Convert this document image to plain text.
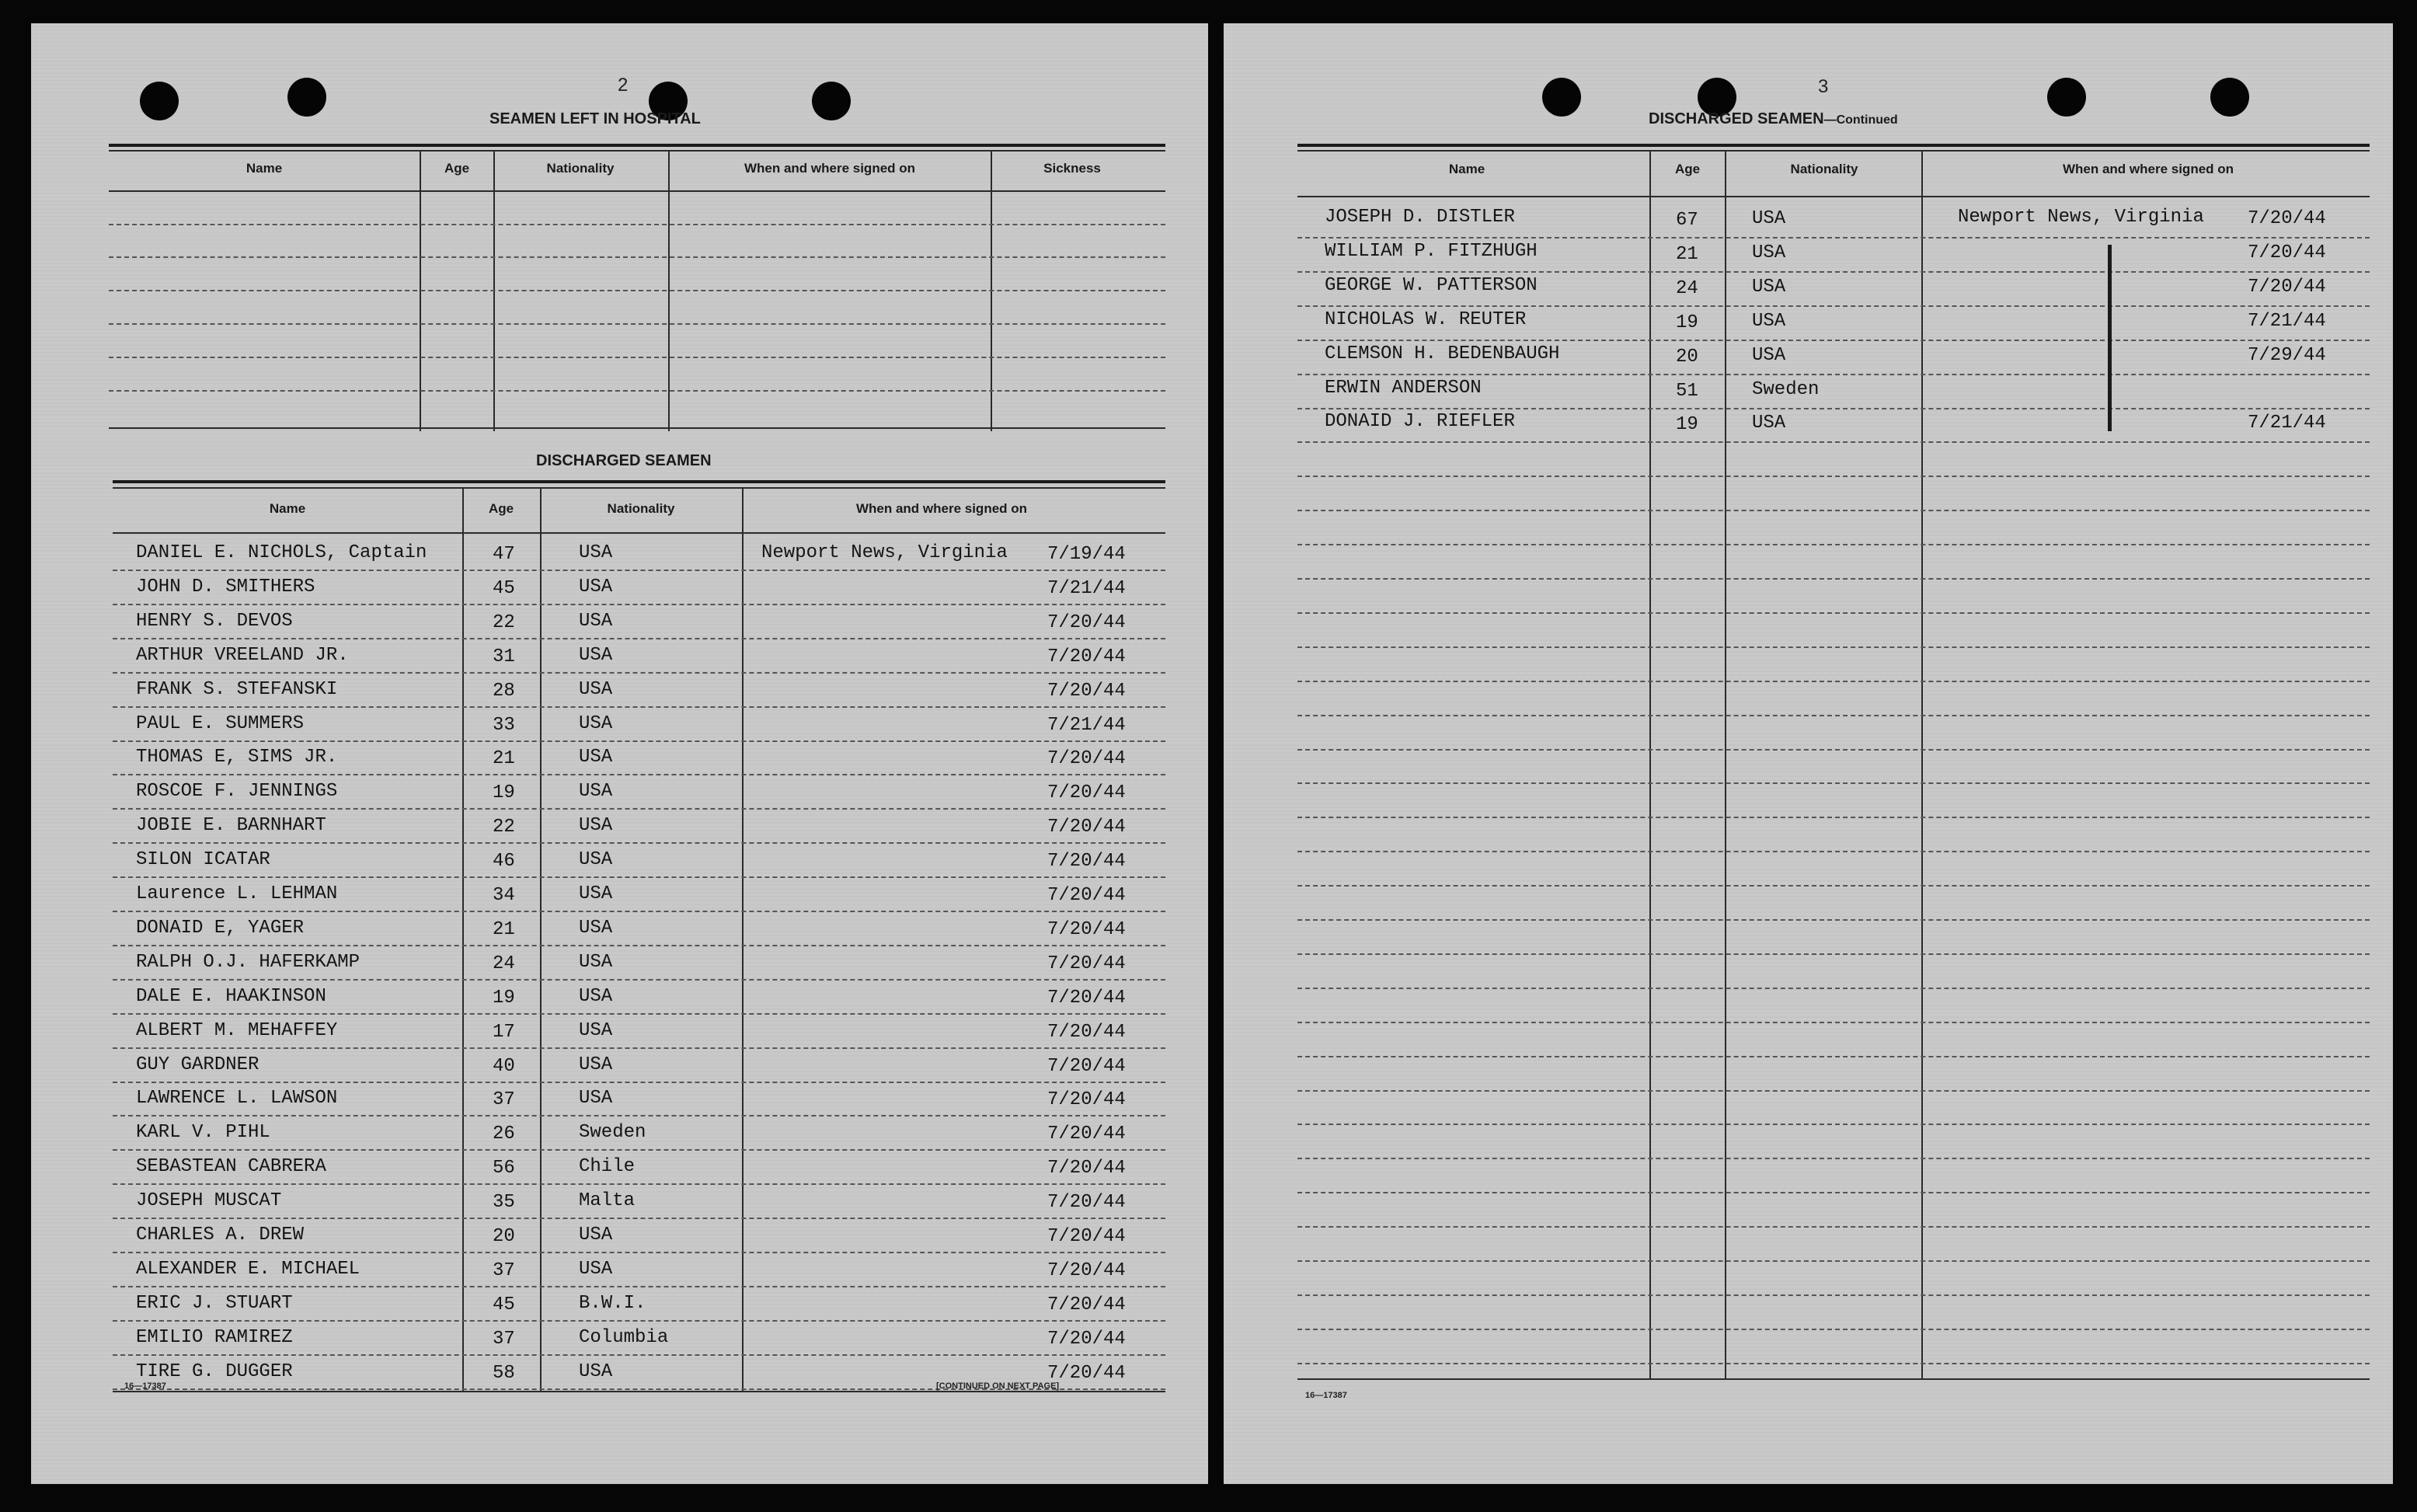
2
SEAMEN LEFT IN HOSPITAL
Name	Age	Nationality	When and where signed on	Sickness
DISCHARGED SEAMEN
Name	Age	Nationality	When and where signed on
DANIEL E. NICHOLS, Captain	47	USA	Newport News, Virginia 7/19/44
JOHN D. SMITHERS	45	USA	7/21/44
HENRY S. DEVOS	22	USA	7/20/44
ARTHUR VREELAND JR.	31	USA	7/20/44
FRANK S. STEFANSKI	28	USA	7/20/44
PAUL E. SUMMERS	33	USA	7/21/44
THOMAS E, SIMS JR.	21	USA	7/20/44
ROSCOE F. JENNINGS	19	USA	7/20/44
JOBIE E. BARNHART	22	USA	7/20/44
SILON ICATAR	46	USA	7/20/44
Laurence L. LEHMAN	34	USA	7/20/44
DONAID E, YAGER	21	USA	7/20/44
RALPH O.J. HAFERKAMP	24	USA	7/20/44
DALE E. HAAKINSON	19	USA	7/20/44
ALBERT M. MEHAFFEY	17	USA	7/20/44
GUY GARDNER	40	USA	7/20/44
LAWRENCE L. LAWSON	37	USA	7/20/44
KARL V. PIHL	26	Sweden	7/20/44
SEBASTEAN CABRERA	56	Chile	7/20/44
JOSEPH MUSCAT	35	Malta	7/20/44
CHARLES A. DREW	20	USA	7/20/44
ALEXANDER E. MICHAEL	37	USA	7/20/44
ERIC J. STUART	45	B.W.I.	7/20/44
EMILIO RAMIREZ	37	Columbia	7/20/44
TIRE G. DUGGER	58	USA	7/20/44
16—17387	[CONTINUED ON NEXT PAGE]
3
DISCHARGED SEAMEN—Continued
Name	Age	Nationality	When and where signed on
JOSEPH D. DISTLER	67	USA	Newport News, Virginia 7/20/44
WILLIAM P. FITZHUGH	21	USA	7/20/44
GEORGE W. PATTERSON	24	USA	7/20/44
NICHOLAS W. REUTER	19	USA	7/21/44
CLEMSON H. BEDENBAUGH	20	USA	7/29/44
ERWIN ANDERSON	51	Sweden
DONAID J. RIEFLER	19	USA	7/21/44
16—17387
